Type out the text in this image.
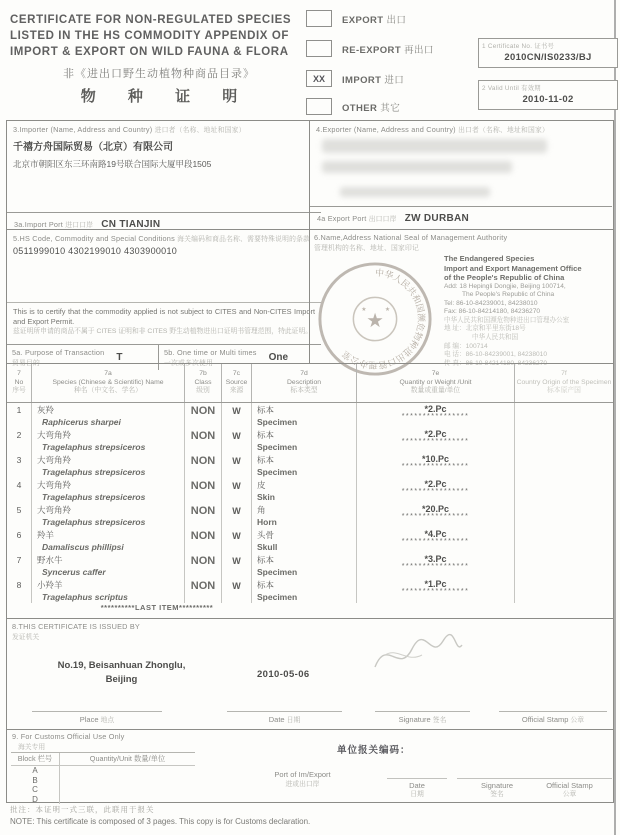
CERTIFICATE FOR NON-REGULATED SPECIES
LISTED IN THE HS COMMODITY APPENDIX OF
IMPORT & EXPORT ON WILD FAUNA & FLORA
非《进出口野生动植物种商品目录》
物 种 证 明
EXPORT 出口
RE-EXPORT 再出口
XX	IMPORT 进口
OTHER 其它
1 Certificate No. 证书号
2010CN/IS0233/BJ
2 Valid Until 有效期
2010-11-02
3.Importer (Name, Address and Country) 进口者（名称、地址和国家）
千禧方舟国际贸易（北京）有限公司
北京市朝阳区东三环南路19号联合国际大厦甲段1505
3a.Import Port 进口口岸 CN TIANJIN
4.Exporter (Name, Address and Country) 出口者（名称、地址和国家）
4a Export Port 出口口岸 ZW DURBAN
5.HS Code, Commodity and Special Conditions 海关编码和商品名称、需要特殊说明的条款
0511999010 4302199010 4303900010
This is to certify that the commodity applied is not subject to CITES and Non-CITES Import and Export Permit.
兹证明所申请的商品不属于 CITES 证明和非 CITES 野生动植物进出口证明书管理范围，特此证明。
5a. Purpose of Transaction
贸易目的
T	5b. One time or Multi times
一次或多次使用
One
6.Name,Address National Seal of Management Authority
管理机构的名称、地址、国家印记
★
★	★
中华人民共和国濒危物种进出口管理办公室
The Endangered Species
Import and Export Management Office
of the People's Republic of China
Add: 18 Hepingli Dongjie, Beijing 100714,
The People's Republic of China
Tel: 86-10-84239001, 84238010
Fax: 86-10-84214180, 84236270
中华人民共和国濒危物种进出口管理办公室
地 址：北京和平里东街18号
中华人民共和国
邮 编：100714
电 话：86-10-84239001, 84238010
传 真：86-10-84214180, 84236270
7
No
序号
7a
Species (Chinese & Scientific) Name
种名（中文名、学名）
7b
Class
级别
7c
Source
来源
7d
Description
标本类型
7e
Quantity or Weight /Unit
数量或重量/单位
7f
Country Origin of the Specimen
标本原产国
1	灰羚
Raphicerus sharpei
NON	W	标本
Specimen
*2.Pc
****************
2	大弯角羚
Tragelaphus strepsiceros
NON	W	标本
Specimen
*2.Pc
****************
3	大弯角羚
Tragelaphus strepsiceros
NON	W	标本
Specimen
*10.Pc
****************
4	大弯角羚
Tragelaphus strepsiceros
NON	W	皮
Skin
*2.Pc
****************
5	大弯角羚
Tragelaphus strepsiceros
NON	W	角
Horn
*20.Pc
****************
6	羚羊
Damaliscus phillipsi
NON	W	头骨
Skull
*4.Pc
****************
7	野水牛
Syncerus caffer
NON	W	标本
Specimen
*3.Pc
****************
8	小羚羊
Tragelaphus scriptus
NON	W	标本
Specimen
*1.Pc
****************
**********LAST ITEM**********
8.THIS CERTIFICATE IS ISSUED BY
发证机关
No.19, Beisanhuan Zhonglu,
Beijing	2010-05-06
Place 地点	Date 日期	Signature 签名	Official Stamp 公章
9. For Customs Official Use Only
海关专用
Block 栏号	Quantity/Unit 数量/单位
A
B
C
D
单位报关编码：
Port of Im/Export
进或出口岸	Date
日期
Signature
签名
Official Stamp
公章
批注：本证明一式三联，此联用于报关
NOTE: This certificate is composed of 3 pages. This copy is for Customs declaration.
